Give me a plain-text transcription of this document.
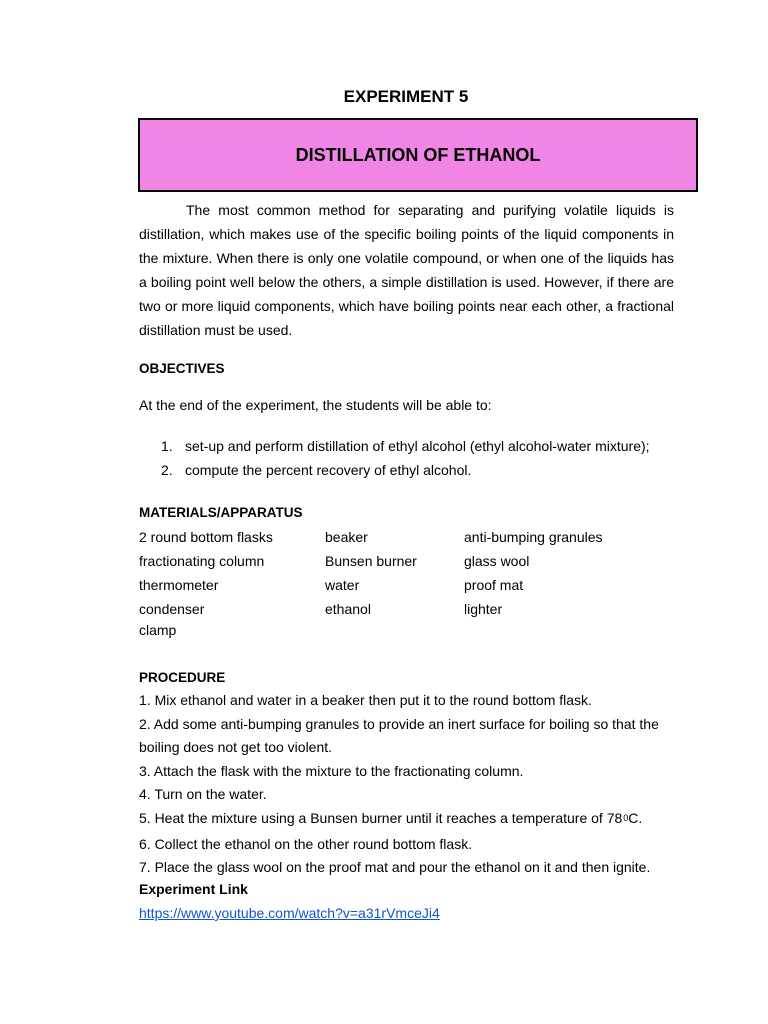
EXPERIMENT 5
DISTILLATION OF ETHANOL

The most common method for separating and purifying volatile liquids is distillation, which makes use of the specific boiling points of the liquid components in the mixture. When there is only one volatile compound, or when one of the liquids has a boiling point well below the others, a simple distillation is used. However, if there are two or more liquid components, which have boiling points near each other, a fractional distillation must be used.

OBJECTIVES
At the end of the experiment, the students will be able to:
1. set-up and perform distillation of ethyl alcohol (ethyl alcohol-water mixture);
2. compute the percent recovery of ethyl alcohol.
MATERIALS/APPARATUS
2 round bottom flasks	beaker	anti-bumping granules
fractionating column	Bunsen burner	glass wool
thermometer	water	proof mat
condenser	ethanol	lighter
clamp
PROCEDURE
1. Mix ethanol and water in a beaker then put it to the round bottom flask.
2. Add some anti-bumping granules to provide an inert surface for boiling so that the boiling does not get too violent.
3. Attach the flask with the mixture to the fractionating column.
4. Turn on the water.
5. Heat the mixture using a Bunsen burner until it reaches a temperature of $78^0C$.
6. Collect the ethanol on the other round bottom flask.
7. Place the glass wool on the proof mat and pour the ethanol on it and then ignite.
Experiment Link
https://www.youtube.com/watch?v=a31rVmceJi4
